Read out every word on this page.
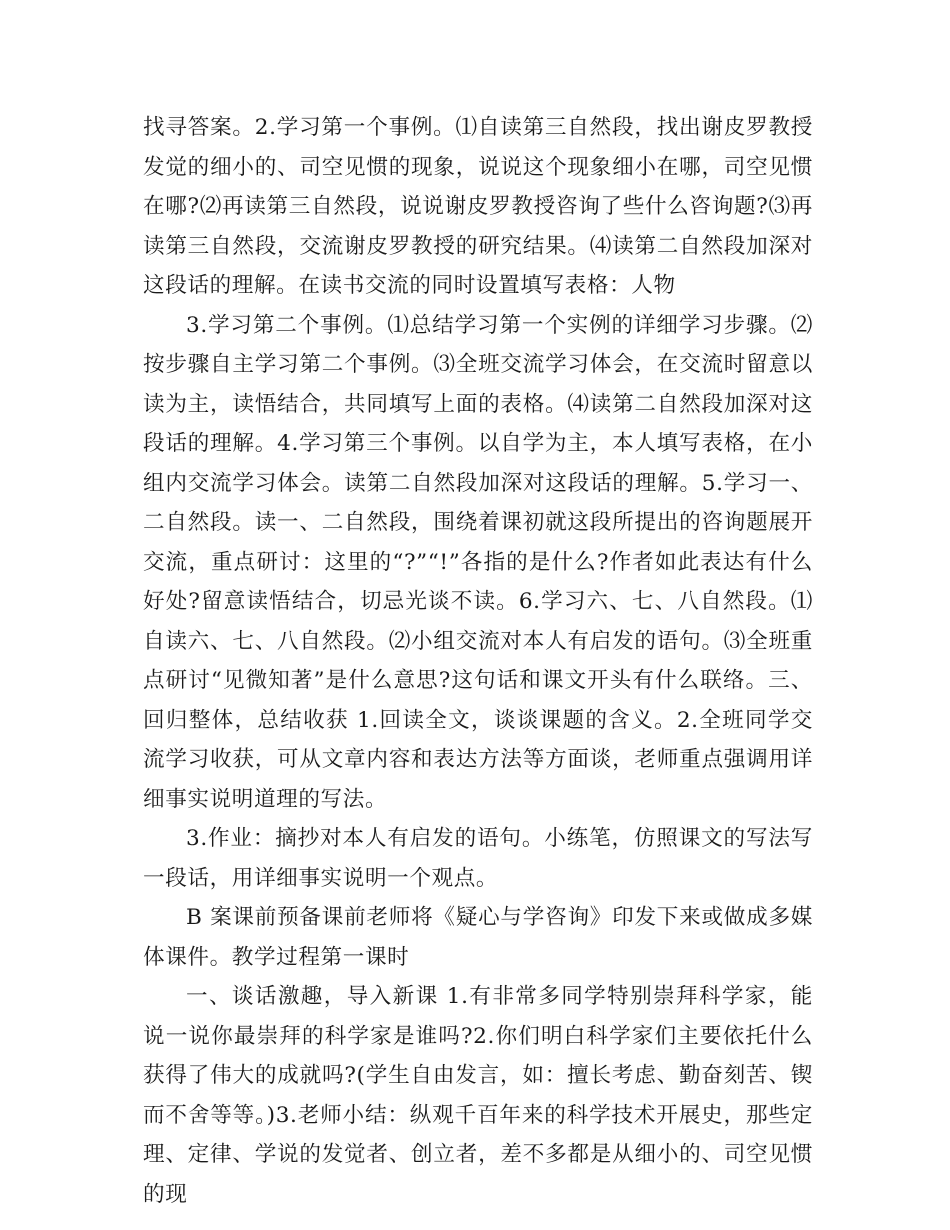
找寻答案。2.学习第一个事例。⑴自读第三自然段，找出谢皮罗教授发觉的细小的、司空见惯的现象，说说这个现象细小在哪，司空见惯在哪?⑵再读第三自然段，说说谢皮罗教授咨询了些什么咨询题?⑶再读第三自然段，交流谢皮罗教授的研究结果。⑷读第二自然段加深对这段话的理解。在读书交流的同时设置填写表格：人物

3.学习第二个事例。⑴总结学习第一个实例的详细学习步骤。⑵按步骤自主学习第二个事例。⑶全班交流学习体会，在交流时留意以读为主，读悟结合，共同填写上面的表格。⑷读第二自然段加深对这段话的理解。4.学习第三个事例。以自学为主，本人填写表格，在小组内交流学习体会。读第二自然段加深对这段话的理解。5.学习一、二自然段。读一、二自然段，围绕着课初就这段所提出的咨询题展开交流，重点研讨：这里的“?”“!”各指的是什么?作者如此表达有什么好处?留意读悟结合，切忌光谈不读。6.学习六、七、八自然段。⑴自读六、七、八自然段。⑵小组交流对本人有启发的语句。⑶全班重点研讨“见微知著”是什么意思?这句话和课文开头有什么联络。三、回归整体，总结收获 1.回读全文，谈谈课题的含义。2.全班同学交流学习收获，可从文章内容和表达方法等方面谈，老师重点强调用详细事实说明道理的写法。

3.作业：摘抄对本人有启发的语句。小练笔，仿照课文的写法写一段话，用详细事实说明一个观点。

B 案课前预备课前老师将《疑心与学咨询》印发下来或做成多媒体课件。教学过程第一课时

一、谈话激趣，导入新课 1.有非常多同学特别崇拜科学家，能说一说你最崇拜的科学家是谁吗?2.你们明白科学家们主要依托什么获得了伟大的成就吗?(学生自由发言，如：擅长考虑、勤奋刻苦、锲而不舍等等。)3.老师小结：纵观千百年来的科学技术开展史，那些定理、定律、学说的发觉者、创立者，差不多都是从细小的、司空见惯的现
